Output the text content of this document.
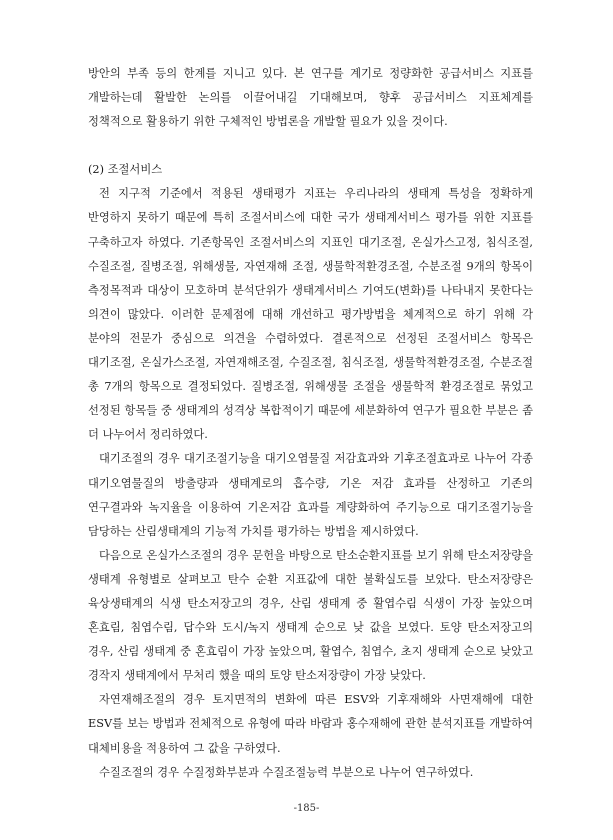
방안의 부족 등의 한계를 지니고 있다. 본 연구를 계기로 정량화한 공급서비스 지표를 개발하는데 활발한 논의를 이끌어내길 기대해보며, 향후 공급서비스 지표체계를 정책적으로 활용하기 위한 구체적인 방법론을 개발할 필요가 있을 것이다.

(2) 조절서비스

전 지구적 기준에서 적용된 생태평가 지표는 우리나라의 생태계 특성을 정확하게 반영하지 못하기 때문에 특히 조절서비스에 대한 국가 생태계서비스 평가를 위한 지표를 구축하고자 하였다. 기존항목인 조절서비스의 지표인 대기조절, 온실가스고정, 침식조절, 수질조절, 질병조절, 위해생물, 자연재해 조절, 생물학적환경조절, 수분조절 9개의 항목이 측정목적과 대상이 모호하며 분석단위가 생태계서비스 기여도(변화)를 나타내지 못한다는 의견이 많았다. 이러한 문제점에 대해 개선하고 평가방법을 체계적으로 하기 위해 각 분야의 전문가 중심으로 의견을 수렴하였다. 결론적으로 선정된 조절서비스 항목은 대기조절, 온실가스조절, 자연재해조절, 수질조절, 침식조절, 생물학적환경조절, 수분조절 총 7개의 항목으로 결정되었다. 질병조절, 위해생물 조절을 생물학적 환경조절로 묶었고 선정된 항목들 중 생태계의 성격상 복합적이기 때문에 세분화하여 연구가 필요한 부분은 좀 더 나누어서 정리하였다.

대기조절의 경우 대기조절기능을 대기오염물질 저감효과와 기후조절효과로 나누어 각종 대기오염물질의 방출량과 생태계로의 흡수량, 기온 저감 효과를 산정하고 기존의 연구결과와 녹지율을 이용하여 기온저감 효과를 계량화하여 주기능으로 대기조절기능을 담당하는 산림생태계의 기능적 가치를 평가하는 방법을 제시하였다.

다음으로 온실가스조절의 경우 문헌을 바탕으로 탄소순환지표를 보기 위해 탄소저장량을 생태계 유형별로 살펴보고 탄수 순환 지표값에 대한 불확실도를 보았다. 탄소저장량은 육상생태계의 식생 탄소저장고의 경우, 산림 생태계 중 활엽수림 식생이 가장 높았으며 혼효림, 침엽수림, 답수와 도시/녹지 생태계 순으로 낮 값을 보였다. 토양 탄소저장고의 경우, 산림 생태계 중 혼효림이 가장 높았으며, 활엽수, 침엽수, 초지 생태계 순으로 낮았고 경작지 생태계에서 무처리 했을 때의 토양 탄소저장량이 가장 낮았다.

자연재해조절의 경우 토지면적의 변화에 따른 ESV와 기후재해와 사면재해에 대한 ESV를 보는 방법과 전체적으로 유형에 따라 바람과 홍수재해에 관한 분석지표를 개발하여 대체비용을 적용하여 그 값을 구하였다.

수질조절의 경우 수질정화부분과 수질조절능력 부분으로 나누어 연구하였다.

-185-
